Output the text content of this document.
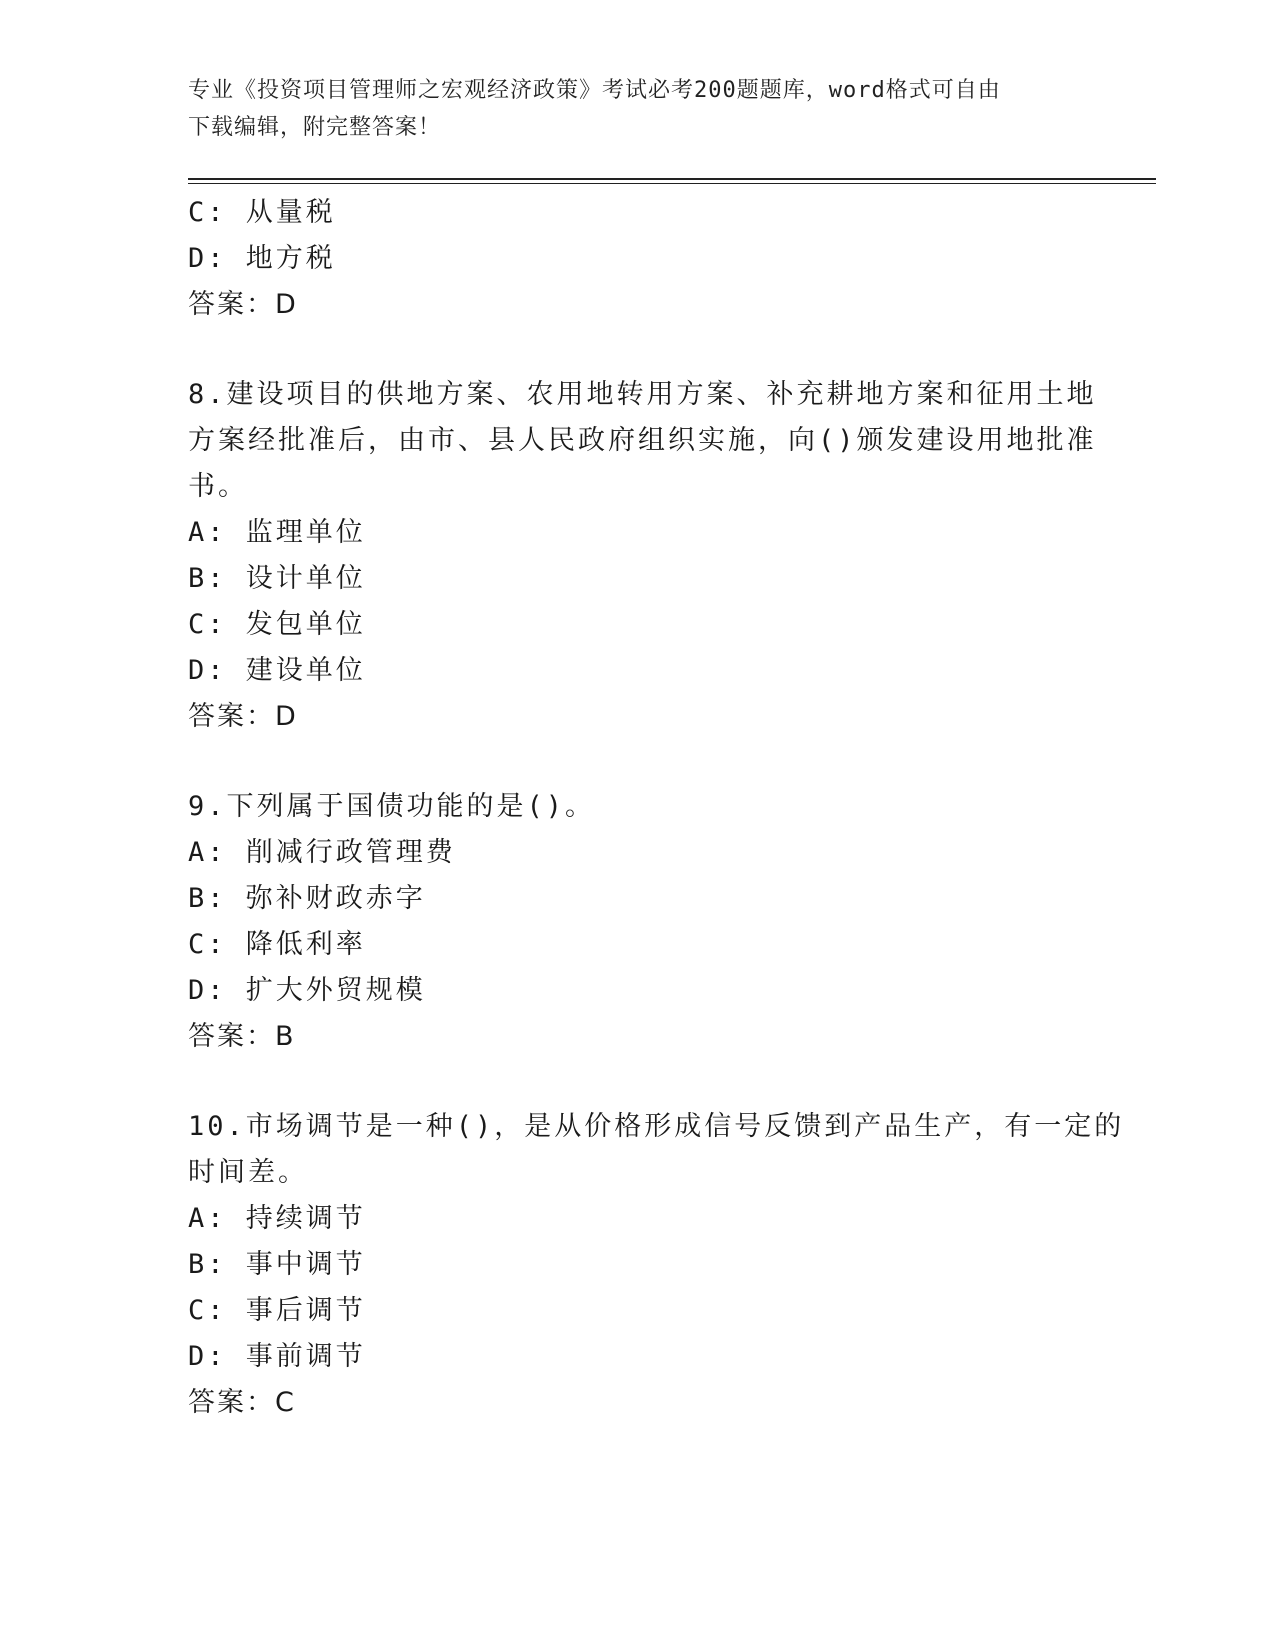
专业《投资项目管理师之宏观经济政策》考试必考200题题库，word格式可自由
下载编辑，附完整答案！
C: 从量税
D: 地方税
答案：D
8.建设项目的供地方案、农用地转用方案、补充耕地方案和征用土地
方案经批准后，由市、县人民政府组织实施，向()颁发建设用地批准
书。
A: 监理单位
B: 设计单位
C: 发包单位
D: 建设单位
答案：D
9.下列属于国债功能的是()。
A: 削减行政管理费
B: 弥补财政赤字
C: 降低利率
D: 扩大外贸规模
答案：B
10.市场调节是一种()，是从价格形成信号反馈到产品生产，有一定的
时间差。
A: 持续调节
B: 事中调节
C: 事后调节
D: 事前调节
答案：C
